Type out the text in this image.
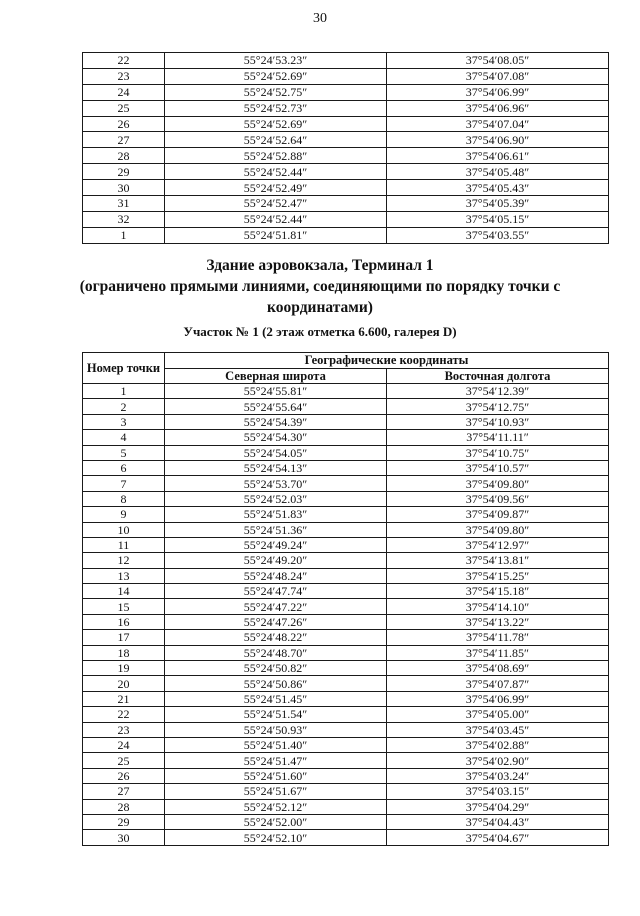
30
22	55°24′53.23″	37°54′08.05″
23	55°24′52.69″	37°54′07.08″
24	55°24′52.75″	37°54′06.99″
25	55°24′52.73″	37°54′06.96″
26	55°24′52.69″	37°54′07.04″
27	55°24′52.64″	37°54′06.90″
28	55°24′52.88″	37°54′06.61″
29	55°24′52.44″	37°54′05.48″
30	55°24′52.49″	37°54′05.43″
31	55°24′52.47″	37°54′05.39″
32	55°24′52.44″	37°54′05.15″
1	55°24′51.81″	37°54′03.55″
Здание аэровокзала, Терминал 1
(ограничено прямыми линиями, соединяющими по порядку точки с
координатами)
Участок № 1 (2 этаж отметка 6.600, галерея D)
Номер точки	Географические координаты	
	Северная широта	Восточная долгота
1	55°24′55.81″	37°54′12.39″
2	55°24′55.64″	37°54′12.75″
3	55°24′54.39″	37°54′10.93″
4	55°24′54.30″	37°54′11.11″
5	55°24′54.05″	37°54′10.75″
6	55°24′54.13″	37°54′10.57″
7	55°24′53.70″	37°54′09.80″
8	55°24′52.03″	37°54′09.56″
9	55°24′51.83″	37°54′09.87″
10	55°24′51.36″	37°54′09.80″
11	55°24′49.24″	37°54′12.97″
12	55°24′49.20″	37°54′13.81″
13	55°24′48.24″	37°54′15.25″
14	55°24′47.74″	37°54′15.18″
15	55°24′47.22″	37°54′14.10″
16	55°24′47.26″	37°54′13.22″
17	55°24′48.22″	37°54′11.78″
18	55°24′48.70″	37°54′11.85″
19	55°24′50.82″	37°54′08.69″
20	55°24′50.86″	37°54′07.87″
21	55°24′51.45″	37°54′06.99″
22	55°24′51.54″	37°54′05.00″
23	55°24′50.93″	37°54′03.45″
24	55°24′51.40″	37°54′02.88″
25	55°24′51.47″	37°54′02.90″
26	55°24′51.60″	37°54′03.24″
27	55°24′51.67″	37°54′03.15″
28	55°24′52.12″	37°54′04.29″
29	55°24′52.00″	37°54′04.43″
30	55°24′52.10″	37°54′04.67″
